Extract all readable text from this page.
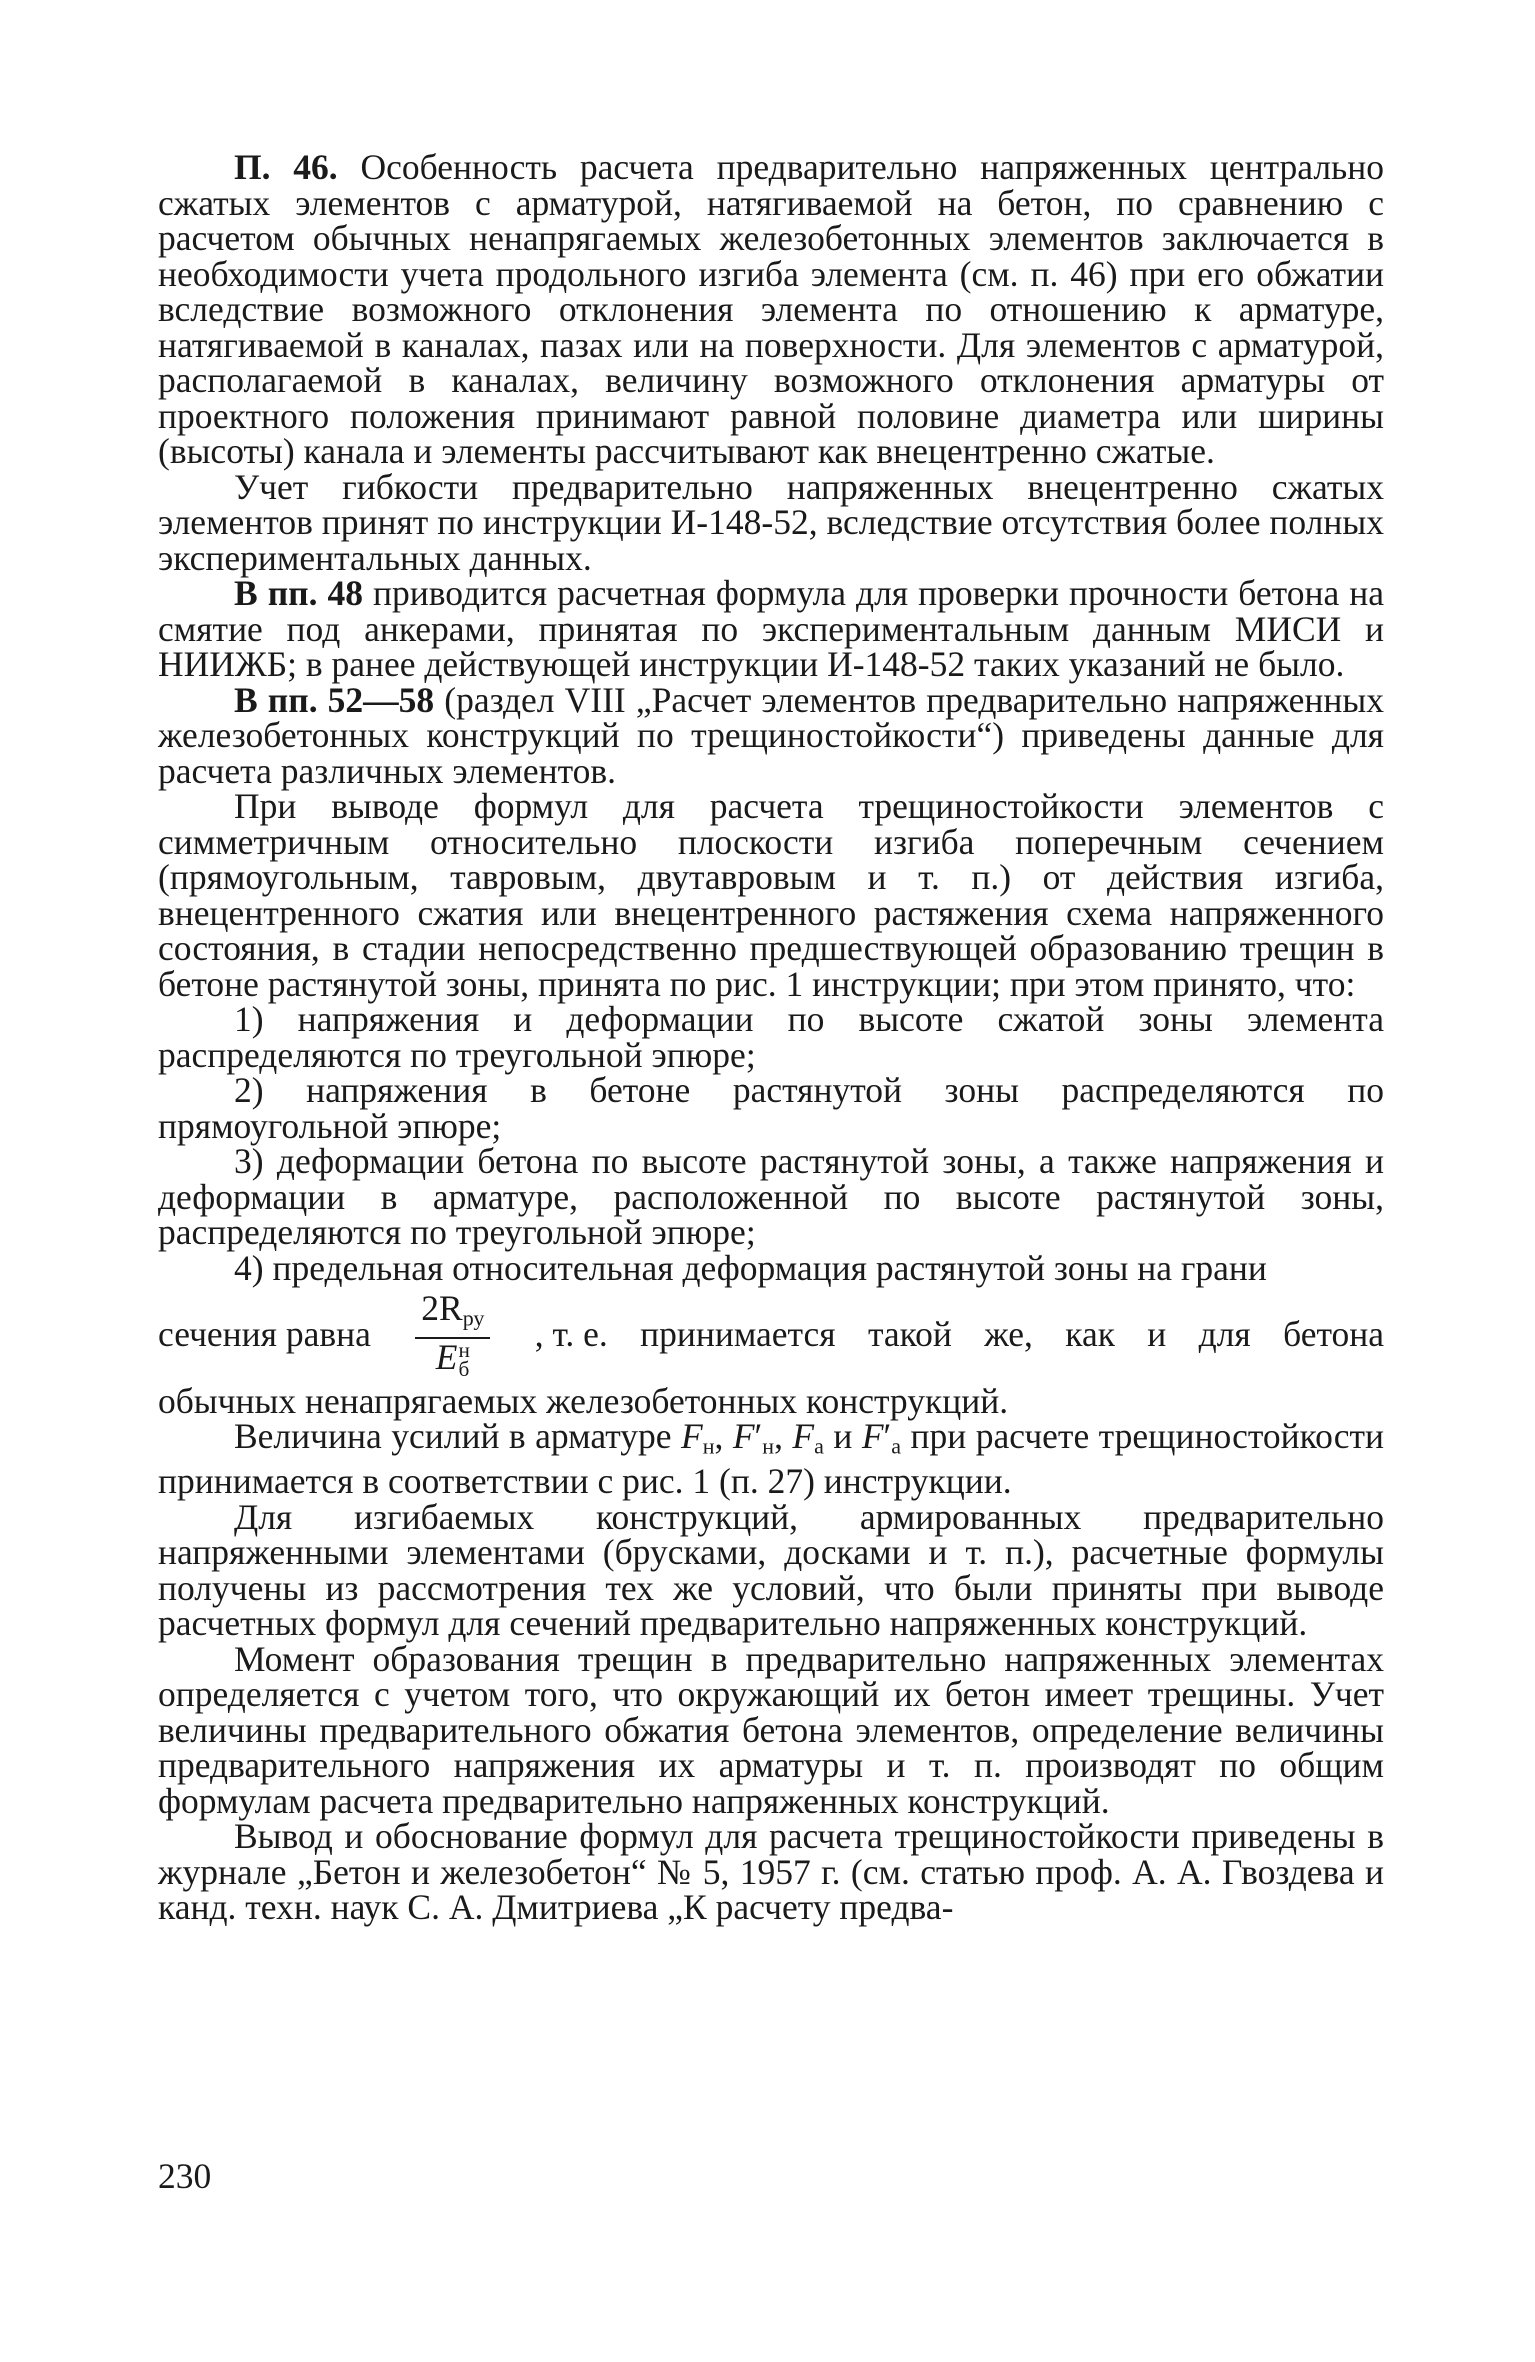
П. 46. Особенность расчета предварительно напряженных центрально сжатых элементов с арматурой, натягиваемой на бетон, по сравнению с расчетом обычных ненапрягаемых железобетонных элементов заключается в необходимости учета продольного изгиба элемента (см. п. 46) при его обжатии вследствие возможного отклонения элемента по отношению к арматуре, натягиваемой в каналах, пазах или на поверхности. Для элементов с арматурой, располагаемой в каналах, величину возможного отклонения арматуры от проектного положения принимают равной половине диаметра или ширины (высоты) канала и элементы рассчитывают как внецентренно сжатые.

Учет гибкости предварительно напряженных внецентренно сжатых элементов принят по инструкции И-148-52, вследствие отсутствия более полных экспериментальных данных.

В пп. 48 приводится расчетная формула для проверки прочности бетона на смятие под анкерами, принятая по экспериментальным данным МИСИ и НИИЖБ; в ранее действующей инструкции И-148-52 таких указаний не было.

В пп. 52—58 (раздел VIII „Расчет элементов предварительно напряженных железобетонных конструкций по трещиностойкости“) приведены данные для расчета различных элементов.

При выводе формул для расчета трещиностойкости элементов с симметричным относительно плоскости изгиба поперечным сечением (прямоугольным, тавровым, двутавровым и т. п.) от действия изгиба, внецентренного сжатия или внецентренного растяжения схема напряженного состояния, в стадии непосредственно предшествующей образованию трещин в бетоне растянутой зоны, принята по рис. 1 инструкции; при этом принято, что:

1) напряжения и деформации по высоте сжатой зоны элемента распределяются по треугольной эпюре;

2) напряжения в бетоне растянутой зоны распределяются по прямоугольной эпюре;

3) деформации бетона по высоте растянутой зоны, а также напряжения и деформации в арматуре, расположенной по высоте растянутой зоны, распределяются по треугольной эпюре;

4) предельная относительная деформация растянутой зоны на грани

сечения равна $2R_{ру}$
E н
б , т. е. принимается такой же, как и для бетона

обычных ненапрягаемых железобетонных конструкций.

Величина усилий в арматуре $F_н$, $F'_н$, $F_а$ и $F'_а$ при расчете трещиностойкости принимается в соответствии с рис. 1 (п. 27) инструкции.

Для изгибаемых конструкций, армированных предварительно напряженными элементами (брусками, досками и т. п.), расчетные формулы получены из рассмотрения тех же условий, что были приняты при выводе расчетных формул для сечений предварительно напряженных конструкций.

Момент образования трещин в предварительно напряженных элементах определяется с учетом того, что окружающий их бетон имеет трещины. Учет величины предварительного обжатия бетона элементов, определение величины предварительного напряжения их арматуры и т. п. производят по общим формулам расчета предварительно напряженных конструкций.

Вывод и обоснование формул для расчета трещиностойкости приведены в журнале „Бетон и железобетон“ № 5, 1957 г. (см. статью проф. А. А. Гвоздева и канд. техн. наук С. А. Дмитриева „К расчету предва-

230
